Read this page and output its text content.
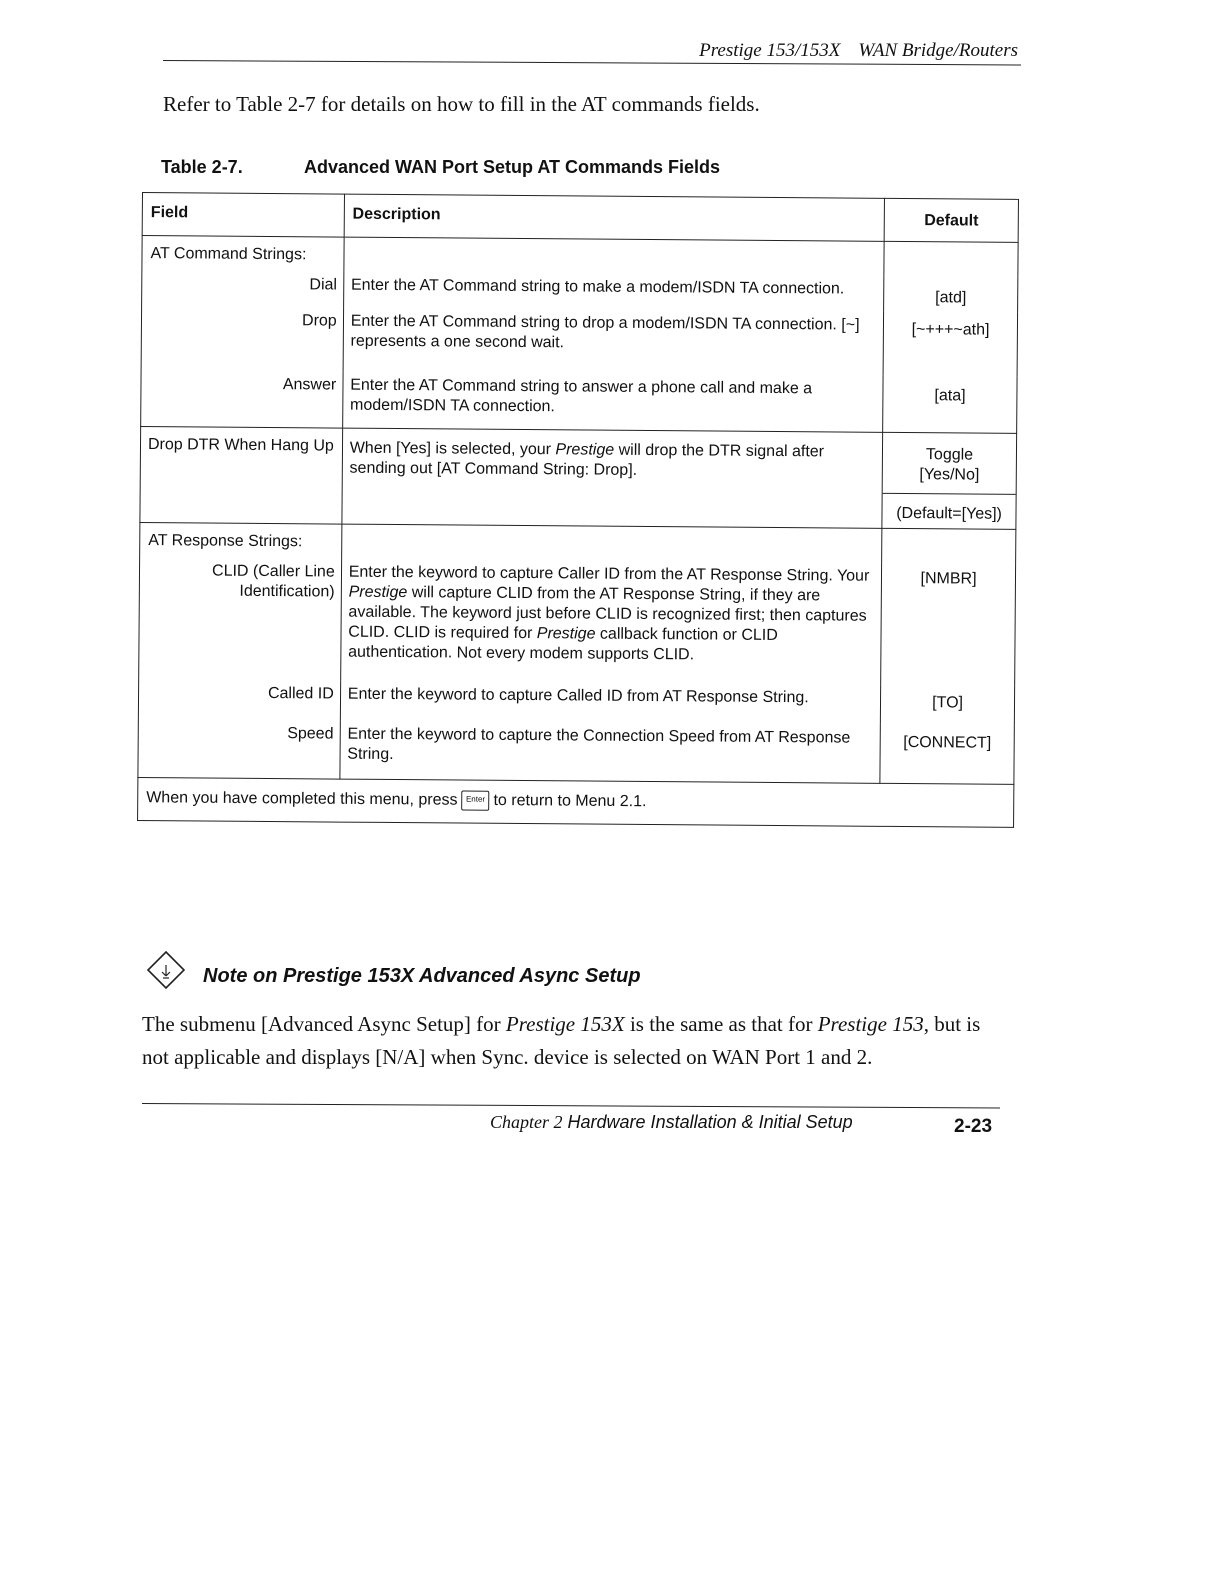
Prestige 153/153X WAN Bridge/Routers
Refer to Table 2-7 for details on how to fill in the AT commands fields.
Table 2-7.	Advanced WAN Port Setup AT Commands Fields
Field	Description	Default
AT Command Strings:	

Dial	Enter the AT Command string to make a modem/ISDN TA connection.	[atd]
Drop	Enter the AT Command string to drop a modem/ISDN TA connection. [~] represents a one second wait.	[~+++~ath]
Answer	Enter the AT Command string to answer a phone call and make a modem/ISDN TA connection.	[ata]
Drop DTR When Hang Up	When [Yes] is selected, your Prestige will drop the DTR signal after sending out [AT Command String: Drop].	Toggle
[Yes/No]
(Default=[Yes])

AT Response Strings:	

CLID (Caller Line Identification)	Enter the keyword to capture Caller ID from the AT Response String. Your Prestige will capture CLID from the AT Response String, if they are available. The keyword just before CLID is recognized first; then captures CLID. CLID is required for Prestige callback function or CLID authentication. Not every modem supports CLID.	[NMBR]
Called ID	Enter the keyword to capture Called ID from AT Response String.	[TO]
Speed	Enter the keyword to capture the Connection Speed from AT Response String.	[CONNECT]
When you have completed this menu, press Enter to return to Menu 2.1.		
Note on Prestige 153X Advanced Async Setup
The submenu [Advanced Async Setup] for Prestige 153X is the same as that for Prestige 153, but is not applicable and displays [N/A] when Sync. device is selected on WAN Port 1 and 2.
Chapter 2 Hardware Installation & Initial Setup	2-23
